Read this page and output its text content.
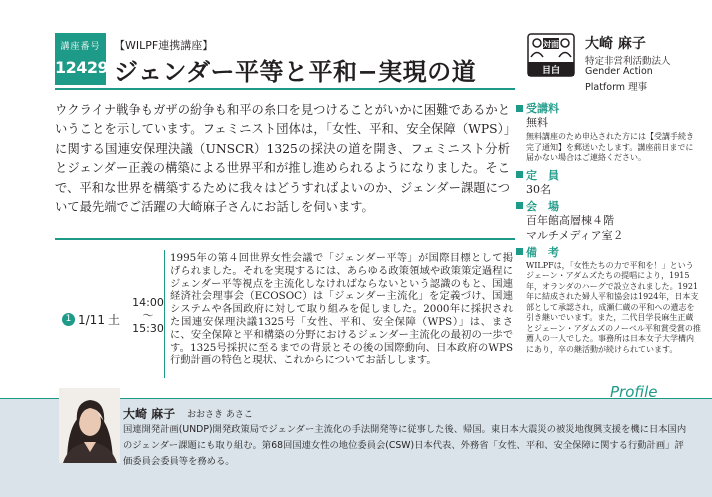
講座番号
12429B
【WILPF連携講座】
ジェンダー平等と平和−実現の道
対面
目白
大崎 麻子
特定非営利活動法人
Gender Action
Platform 理事

ウクライナ戦争もガザの紛争も和平の糸口を見つけることがいかに困難であるかということを示しています。フェミニスト団体は，「女性、平和、安全保障（WPS）」に関する国連安保理決議（UNSCR）1325の採決の道を開き、フェミニスト分析とジェンダー正義の構築による世界平和が推し進められるようになりました。そこで、平和な世界を構築するために我々はどうすればよいのか、ジェンダー課題について最先端でご活躍の大崎麻子さんにお話しを伺います。

受講料
無料
無料講座のため申込された方には【受講手続き完了通知】を郵送いたします。講座前日までに届かない場合はご連絡ください。
定　員
30名
会　場
百年館高層棟４階
マルチメディア室２
備　考
WILPFは，「女性たちの力で平和を！」というジェーン・アダムズたちの提唱により，1915年，オランダのハーグで設立されました。1921年に結成された婦人平和協会は1924年，日本支部として承認され，成瀬仁蔵の平和への遺志を引き継いでいます。また，二代目学長麻生正蔵とジェーン・アダムズのノーベル平和賞受賞の推薦人の一人でした。事務所は日本女子大学構内にあり，卒の継活動が続けられています。
1 1/11 土
14:00
〜
15:30

1995年の第４回世界女性会議で「ジェンダー平等」が国際目標として掲げられました。それを実現するには、あらゆる政策領域や政策策定過程にジェンダー平等視点を主流化しなければならないという認識のもと、国連経済社会理事会（ECOSOC）は「ジェンダー主流化」を定義づけ、国連システムや各国政府に対して取り組みを促しました。2000年に採択された国連安保理決議1325号「女性、平和、安全保障（WPS）」は、まさに、安全保障と平和構築の分野におけるジェンダー主流化の最初の一歩です。1325号採択に至るまでの背景とその後の国際動向、日本政府のWPS行動計画の特色と現状、これからについてお話しします。

Profile
大崎 麻子 おおさき あさこ

国連開発計画(UNDP)開発政策局でジェンダー主流化の手法開発等に従事した後、帰国。東日本大震災の被災地復興支援を機に日本国内のジェンダー課題にも取り組む。第68回国連女性の地位委員会(CSW)日本代表、外務省「女性、平和、安全保障に関する行動計画」評価委員会委員等を務める。
